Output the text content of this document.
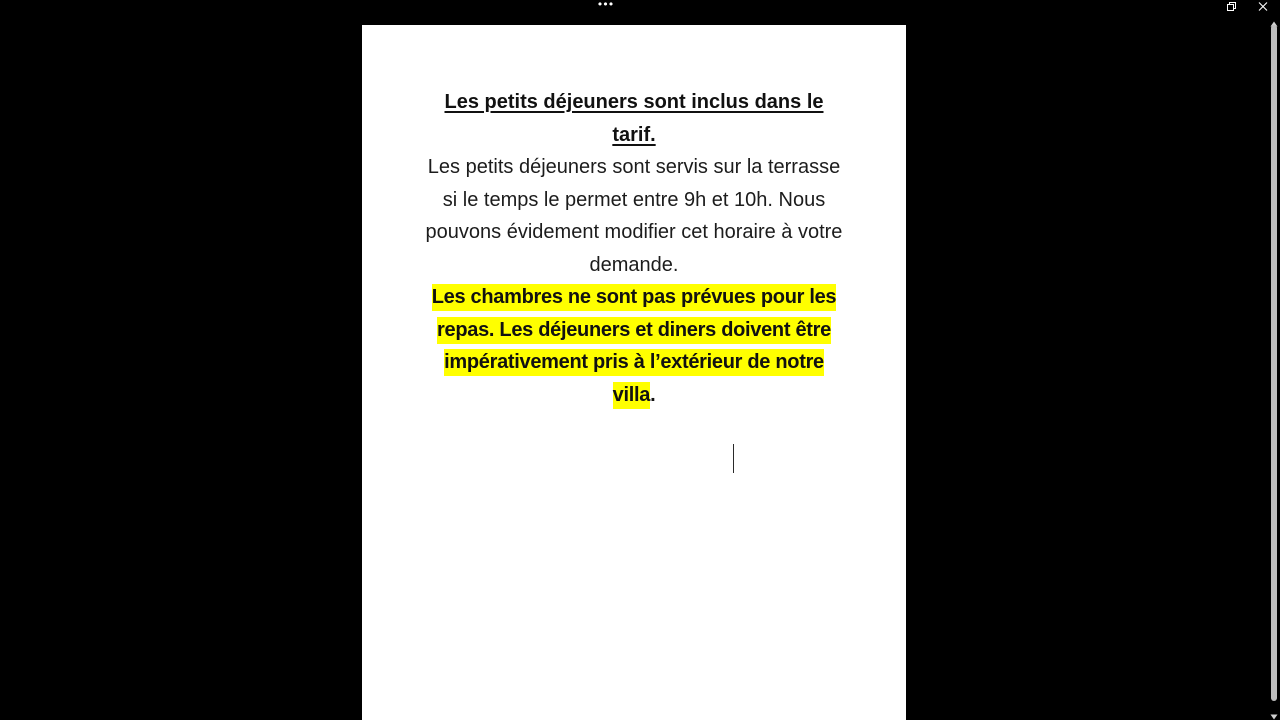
•••

Les petits déjeuners sont inclus dans le tarif.

Les petits déjeuners sont servis sur la terrasse si le temps le permet entre 9h et 10h. Nous pouvons évidement modifier cet horaire à votre demande.

Les chambres ne sont pas prévues pour les repas. Les déjeuners et diners doivent être impérativement pris à l’extérieur de notre villa.
